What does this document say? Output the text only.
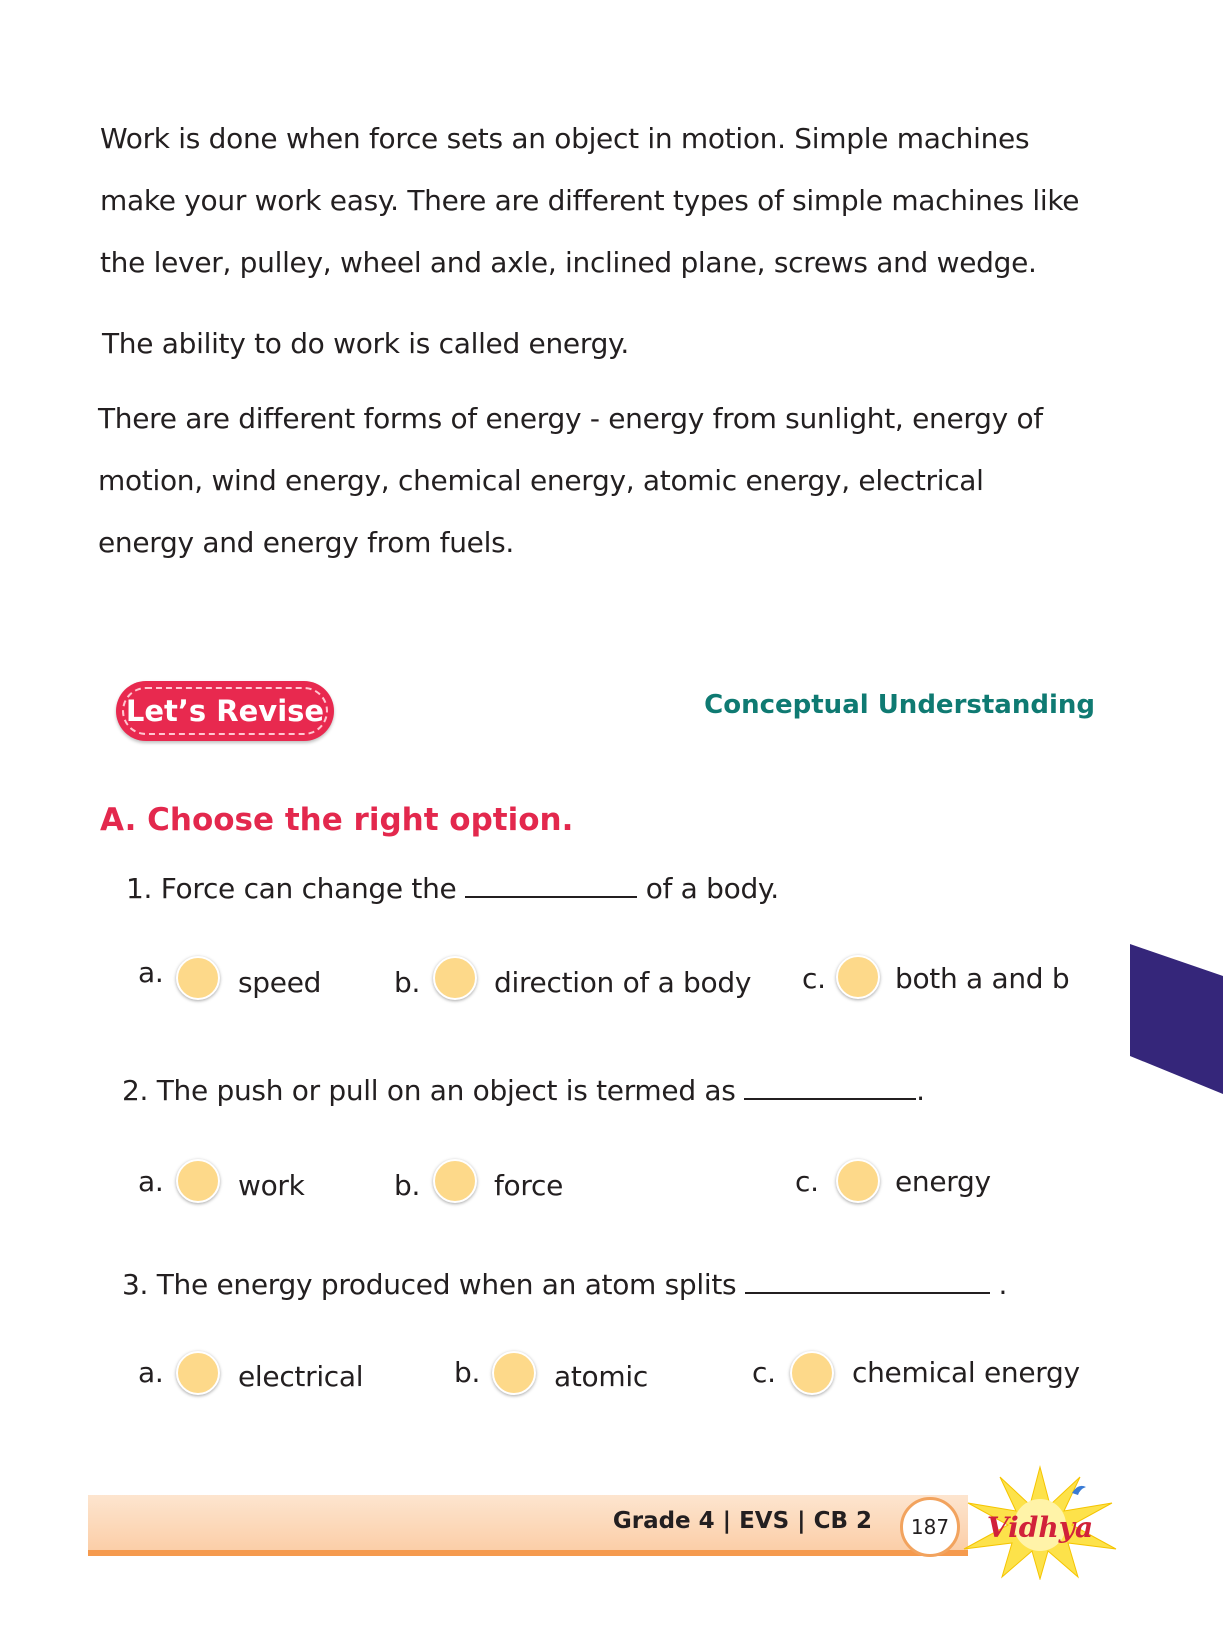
Work is done when force sets an object in motion. Simple machines
make your work easy. There are different types of simple machines like
the lever, pulley, wheel and axle, inclined plane, screws and wedge.
The ability to do work is called energy.
There are different forms of energy - energy from sunlight, energy of
motion, wind energy, chemical energy, atomic energy, electrical
energy and energy from fuels.
Let’s Revise	Conceptual Understanding
A. Choose the right option.
1. Force can change the	of a body.
a.	speed	b.	direction of a body c. both a and b
2. The push or pull on an object is termed as	.
a.	work	b.	force	c.	energy
3. The energy produced when an atom splits	.
a.	electrical	b.	atomic	c.	chemical energy
Grade 4 | EVS | CB 2	187	Vidhya
